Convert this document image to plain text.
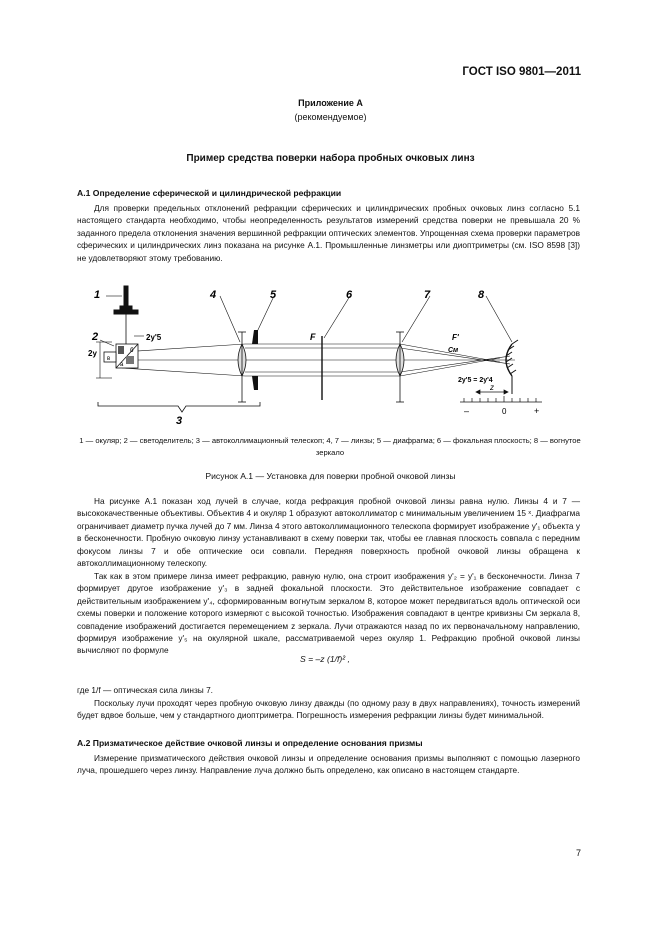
ГОСТ ISO 9801—2011
Приложение А
(рекомендуемое)
Пример средства поверки набора пробных очковых линз
А.1 Определение сферической и цилиндрической рефракции

Для проверки предельных отклонений рефракции сферических и цилиндрических пробных очковых линз согласно 5.1 настоящего стандарта необходимо, чтобы неопределенность результатов измерений средства поверки не превышала 20 % заданного предела отклонения значения вершинной рефракции оптических элементов. Упрощенная схема проверки параметров сферических и цилиндрических линз показана на рисунке А.1. Промышленные линзметры или диоптриметры (см. ISO 8598 [3]) не удовлетворяют этому требованию.

a
б
в
2y
2y'5	F	F'
Cм
2y'5 = 2y'4
z
–	0	+
1
2
3
4	5	6	7	8
1 — окуляр; 2 — светоделитель; 3 — автоколлимационный телескоп; 4, 7 — линзы; 5 — диафрагма; 6 — фокальная плоскость; 8 — вогнутое зеркало
Рисунок А.1 — Установка для поверки пробной очковой линзы

На рисунке А.1 показан ход лучей в случае, когда рефракция пробной очковой линзы равна нулю. Линзы 4 и 7 — высококачественные объективы. Объектив 4 и окуляр 1 образуют автоколлиматор с минимальным увеличением 15 ˣ. Диафрагма ограничивает диаметр пучка лучей до 7 мм. Линза 4 этого автоколлимационного телескопа формирует изображение y'₁ объекта y в бесконечности. Пробную очковую линзу устанавливают в схему поверки так, чтобы ее главная плоскость совпала с передним фокусом линзы 7 и обе оптические оси совпали. Передняя поверхность пробной очковой линзы обращена к автоколлимационному телескопу.

Так как в этом примере линза имеет рефракцию, равную нулю, она строит изображения y'₂ = y'₁ в бесконечности. Линза 7 формирует другое изображение y'₃ в задней фокальной плоскости. Это действительное изображение совпадает с действительным изображением y'₄, сформированным вогнутым зеркалом 8, которое может передвигаться вдоль оптической оси схемы поверки и положение которого измеряют с высокой точностью. Изображения совпадают в центре кривизны Cм зеркала 8, совпадение изображений достигается перемещением z зеркала. Лучи отражаются назад по их первоначальному направлению, формируя изображение y'₅ на окулярной шкале, рассматриваемой через окуляр 1. Рефракцию пробной очковой линзы вычисляют по формуле

S = –z (1/f)² ,

где 1/f — оптическая сила линзы 7.

Поскольку лучи проходят через пробную очковую линзу дважды (по одному разу в двух направлениях), точность измерений будет вдвое больше, чем у стандартного диоптриметра. Погрешность измерения рефракции линзы будет минимальной.

А.2 Призматическое действие очковой линзы и определение основания призмы

Измерение призматического действия очковой линзы и определение основания призмы выполняют с помощью лазерного луча, прошедшего через линзу. Направление луча должно быть определено, как описано в настоящем стандарте.

7
